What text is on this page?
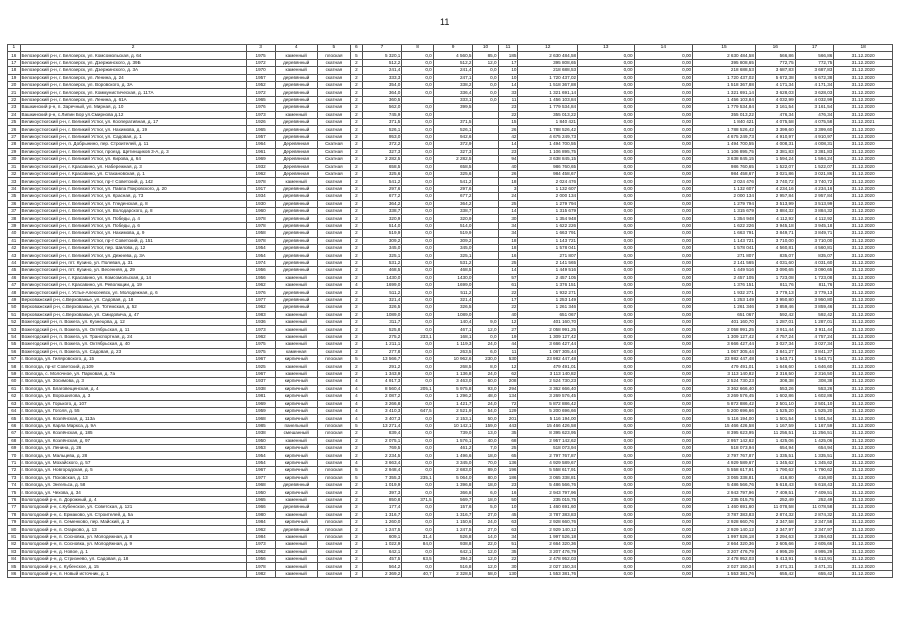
11
1	2	3	4	5	6	7	8	9	10	11	12	13	14	15	16	17	18
16	Белозерский р-н, г. Белозерск, ул. Комсомольская, д. 64	1975	каменный	плоская	5	5 320,1	0,0	4 560,5	85,0	185	2 630 484,58	0,00	0,00	2 630 484,58	566,86	566,86	31.12.2020
17	Белозерский р-н, г. Белозерск, ул. Дзержинского, д. 39Б	1972	деревянный	скатная	2	512,2	0,0	512,2	12,0	17	395 808,65	0,00	0,00	395 808,65	772,75	772,75	31.12.2020
18	Белозерский р-н, г. Белозерск, ул. Дзержинского, д. 3А	1970	каменный	скатная	2	241,4	0,0	241,4	0,0	10	218 688,53	0,00	0,00	218 688,53	3 687,83	3 687,83	31.12.2020
19	Белозерский р-н, г. Белозерск, ул. Ленина, д. 24	1957	деревянный	скатная	2	333,3	0,0	247,1	0,0	10	1 720 437,02	0,00	0,00	1 720 437,02	5 672,38	5 672,38	31.12.2020
20	Белозерский р-н, г. Белозерск, ул. Воровского, д. 3А	1952	деревянный	скатная	2	354,0	0,0	338,2	0,0	14	1 518 367,88	0,00	0,00	1 518 367,88	4 171,34	4 171,34	31.12.2020
21	Белозерский р-н, г. Белозерск, ул. Коммунистическая, д. 117А	1972	деревянный	скатная	2	364,0	0,0	336,4	0,0	33	1 321 691,14	0,00	0,00	1 321 691,14	3 628,03	3 628,03	31.12.2020
22	Белозерский р-н, г. Белозерск, ул. Ленина, д. 61А	1965	деревянный	скатная	2	360,5		333,1	0,0	11	1 456 103,84	0,00	0,00	1 456 103,84	4 032,99	4 032,99	31.12.2020
23	Вашкинский р-н, п. Заречный, ул. Мирная, д. 10	1976	деревянный	скатная	2	562,0	0,0	399,5		23	1 779 534,84	0,00	0,00	1 779 534,84	3 161,54	3 161,54	31.12.2020
24	Вашкинский р-н, с.Липин Бор ул.Смирнова д.12	1973	каменный	скатная	2	745,9	0,0			22	355 013,22	0,00	0,00	355 013,22	476,34	476,34	31.12.2020
25	Великоустюгский р-н, г. Великий Устюг, ул. Кооперативная, д. 17	1926	деревянный	скатная	2	371,5	0,0	371,5		15	1 840 421	0,00	0,00	1 840 421	4 075,58	4 075,58	31.12.2021
26	Великоустюгский р-н, г. Великий Устюг, ул. Нахимова, д. 19	1965	деревянный	скатная	2	526,1	0,0	526,1		26	1 788 526,42	0,00	0,00	1 788 526,42	3 399,60	3 399,60	31.12.2020
27	Великоустюгский р-н, г. Великий Устюг, ул. Садовая, д. 1	1957	деревянный	скатная	2	953,0	0,0	942,6		42	4 675 249,73	0,00	0,00	4 675 249,73	4 910,97	4 910,97	31.12.2020
28	Великоустюгский р-н, п. Добрынино, пер. Строителей, д. 11	1964	Деревянная	Скатная	2	372,2	0,0	372,9		14	1 494 700,55	0,00	0,00	1 494 700,55	4 008,31	4 008,31	31.12.2020
29	Великоустюгский р-н, г. Великий Устюг, проезд. Щетинщиков 3-А, д. 3	1961	Деревянная	Скатная	2	327,3	0,0	327,3		23	1 106 895,75	0,00	0,00	1 106 895,75	3 381,83	3 381,83	31.12.2020
30	Великоустюгский р-н, г. Великий Устюг, ул. Кирова, д. 64	1969	Деревянная	Скатная	2	2 282,5	0,0	2 282,5		94	3 638 845,15	0,00	0,00	3 638 845,15	1 594,24	1 594,24	31.12.2020
31	Великоустюгский р-н, г. Красавино, ул. Набережная, д. 3	1932	Деревянная	Скатная	2	658,5	0,0	658,5		40	986 760,65	0,00	0,00	986 760,65	1 522,07	1 522,07	31.12.2020
32	Великоустюгский р-н, г. Красавино, ул. Стахановская, д. 1	1962	Деревянная	Скатная	2	325,6	0,0	325,6		26	984 458,67	0,00	0,00	984 458,67	3 021,86	3 021,86	31.12.2020
33	Великоустюгский р-н, г. Великий Устюг, пр-т Советский, д. 142	1978	каменный	скатная	2	541,2	0,0	541,2		18	2 024 476	0,00	0,00	2 024 476	3 740,72	3 740,72	31.12.2020
34	Великоустюгский р-н, г. Великий Устюг, ул. Павла Покровского, д. 20	1917	деревянный	скатная	2	297,6	0,0	297,6		3	1 132 607	0,00	0,00	1 132 607	4 234,16	4 234,16	31.12.2020
35	Великоустюгский р-н, г. Великий Устюг, ул. Красная, д. 73	1934	деревянный	скатная	2	677,2	0,0	677,2		24	2 000 134	0,00	0,00	2 000 134	2 957,84	2 957,84	31.12.2020
36	Великоустюгский р-н, г. Великий Устюг, ул. Гледенская, д. 8	1930	деревянный	скатная	2	364,2	0,0	364,2		25	1 279 794	0,00	0,00	1 279 794	3 513,99	3 513,99	31.12.2020
37	Великоустюгский р-н, г. Великий Устюг, ул. Володарского, д. 8	1960	деревянный	скатная	2	338,7	0,0	338,7		14	1 315 679	0,00	0,00	1 315 679	3 884,32	3 884,32	31.12.2020
38	Великоустюгский р-н, г. Великий Устюг, ул. Победы, д. 4	1978	деревянный	скатная	2	320,9	0,0	320,9		30	1 354 948	0,00	0,00	1 354 948	4 112,92	4 112,92	31.12.2020
39	Великоустюгский р-н, г. Великий Устюг, ул. Победы, д. 6	1978	деревянный	скатная	2	514,0	0,0	514,0		34	1 622 226	0,00	0,00	1 622 226	3 945,18	3 945,18	31.12.2020
40	Великоустюгский р-н, г. Великий Устюг, ул. Нахимова, д. 9	1958	деревянный	скатная	2	519,9	0,0	519,9		34	1 663 791	0,00	0,00	1 663 791	3 849,71	3 849,71	31.12.2020
41	Великоустюгский р-н, г. Великий Устюг, пр-т Советский, д. 151	1978	деревянный	скатная	2	309,2	0,0	309,2		18	1 143 721	0,00	0,00	1 143 721	3 710,00	3 710,00	31.12.2020
42	Великоустюгский р-н, г. Великий Устюг, пер. Шилова, д. 12	1954	деревянный	скатная	2	345,0	0,0	345,0		18	1 578 041	0,00	0,00	1 578 041	4 560,81	4 560,81	31.12.2020
43	Великоустюгский р-н, г. Великий Устюг, ул. Дежнева, д. 3А	1954	деревянный	скатная	2	325,1	0,0	325,1		16	271 807	0,00	0,00	271 807	835,07	835,07	31.12.2020
44	Великоустюгский р-н, пгт. Кузино, ул. Полевая, д. 31	1974	деревянный	скатная	2	531,2	0,0	531,2		25	2 141 565	0,00	0,00	2 141 565	4 031,60	4 031,60	31.12.2020
45	Великоустюгский р-н, пгт. Кузино, ул. Весенняя, д. 29	1956	деревянный	скатная	2	468,5	0,0	468,5		14	1 449 516	0,00	0,00	1 449 516	3 090,65	3 090,65	31.12.2020
46	Великоустюгский р-н, г. Красавино, ул. Комсомольская, д. 14	1956	каменный	скатная	2	1430,0	0,0	1430,0		57	2 457 105	0,00	0,00	2 457 105	1 723,08	1 723,08	31.12.2020
47	Великоустюгский р-н, г. Красавино, ул. Революции, д. 19	1962	каменный	скатная	4	1699,0	0,0	1699,0		61	1 376 151	0,00	0,00	1 376 151	811,76	811,76	31.12.2020
48	Великоустюгский р-н, г. Устье-Алексеевск, ул. Молодежная, д. 6	1976	деревянный	скатная	2	511,2	0,0	511,2		22	1 932 271	0,00	0,00	1 932 271	3 779,13	3 779,13	31.12.2020
49	Верховажский р-н, с.Верховажье, ул. Садовая, д. 18	1977	деревянный	скатная	2	321,4	0,0	321,4		17	1 253 149	0,00	0,00	1 253 149	3 950,80	3 950,80	31.12.2020
50	Верховажский р-н, с.Верховажье, ул. Тотемская, д. 52	1962	деревянный	скатная	2	326,5	0,0	326,5		22	1 261 346	0,00	0,00	1 261 346	3 859,46	3 859,46	31.12.2020
51	Верховажский р-н, с.Верховажье, ул. Смидовича, д. 47	1983	каменный	скатная	2	1089,0	0,0	1089,0		40	651 067	0,00	0,00	651 067	592,42	592,42	31.12.2020
52	Вожегодский р-н, п. Вожега, ул. Кузнецова, д. 12	1936	каменный	скатная	2	311,7	0,0	140,4	9,0	12	401 160,70	0,00	0,00	401 160,70	1 287,01	1 287,01	31.12.2020
53	Вожегодский р-н, п. Вожега, ул. Октябрьская, д. 11	1973	каменный	скатная	2	525,8	0,0	467,1	12,0	27	2 058 991,25	0,00	0,00	2 058 991,25	3 911,44	3 911,44	31.12.2020
54	Вожегодский р-н, п. Вожега, ул. Транспортная, д. 24	1962	каменный	скатная	2	275,2	233,1	168,1	0,0	19	1 309 127,42	0,00	0,00	1 309 127,42	4 757,24	4 757,24	31.12.2020
55	Вожегодский р-н, п. Вожега, ул. Октябрьская, д. 40	1975	каменный	скатная	2	1 211,1	0,0	1 119,3	24,0	44	3 666 427,44	0,00	0,00	3 666 427,44	3 027,34	3 027,34	31.12.2020
56	Вожегодский р-н, п. Вожега, ул. Садовая, д. 23	1975	каменная	скатная	2	277,8	0,0	263,5	6,0	11	1 067 305,44	0,00	0,00	1 067 305,44	3 841,27	3 841,27	31.12.2020
57	г. Вологда, ул. Гиляровского, д. 15	1967	кирпичный	плоская	5	13 566,7	0,0	10 962,6	230,0	530	23 982 447,48	0,00	0,00	23 982 447,48	1 543,71	1 543,71	31.12.2020
58	г. Вологда, пр-кт Советский, д.109	1925	каменный	скатная	2	291,2	0,0	268,5	8,0	12	479 491,01	0,00	0,00	479 491,01	1 646,60	1 646,60	31.12.2020
59	г. Вологда, с. Молочное, ул. Парковая, д. 7а	1967	каменный	скатная	2	1 343,9	0,0	1 136,8	24,0	62	3 113 140,82	0,00	0,00	3 113 140,82	2 316,50	2 316,50	31.12.2020
60	г. Вологда, ул. Зосимова, д. 3	1937	кирпичный	скатная	4	4 917,3	0,0	3 463,0	60,0	208	2 524 730,23	0,00	0,00	2 524 730,23	308,38	308,38	31.12.2020
61	г. Вологда, ул. Благовещенская, д. 4	1938	кирпичный	скатная	4	8 560,4	205,1	5 975,8	93,0	294	3 362 666,40	0,00	0,00	3 362 666,40	553,26	553,26	31.12.2020
62	г. Вологда, ул. Ворошилова, д. 3	1981	кирпичный	скатная	4	2 087,2	0,0	1 296,2	48,0	134	3 269 576,45	0,00	0,00	3 269 576,45	1 602,86	1 602,86	31.12.2020
63	г. Вологда, ул. Горького, д. 107	1969	кирпичный	скатная	4	3 266,8	0,0	1 421,7	24,0	72	5 872 886,42	0,00	0,00	5 872 886,42	2 501,10	2 501,10	31.12.2020
64	г. Вологда, ул. Гоголя, д. 55	1959	кирпичный	скатная	4	3 410,3	647,5	2 521,9	54,0	129	5 200 696,66	0,00	0,00	5 200 696,66	1 525,20	1 525,20	31.12.2020
65	г. Вологда, ул. Козлёнская, д. 113а	1968	кирпичный	скатная	4	3 407,3	0,0	2 153,1	50,0	201	5 116 194,00	0,00	0,00	5 116 194,00	1 501,54	1 501,54	31.12.2020
66	г. Вологда, ул. Карла Маркса, д. 9А	1985	панельный	плоская	5	13 271,4	0,0	10 142,1	159,0	443	15 466 426,58	0,00	0,00	15 466 426,58	1 167,59	1 167,59	31.12.2020
67	г. Вологда, ул. Козлёнская, д. 185	1938	смешанный	плоская	2	839,4	0,0	739,0	13,0	35	8 395 623,95	0,00	0,00	8 395 623,95	11 256,51	11 256,51	31.12.2020
68	г. Вологда, ул. Козлёнская, д. 97	1950	каменный	скатная	2	2 075,1	0,0	1 576,1	40,0	68	2 957 142,62	0,00	0,00	2 957 142,62	1 425,06	1 425,06	31.12.2020
69	г. Вологда, ул. Ленина, д. 26	1953	кирпичный	скатная	2	769,5	0,0	461,2	7,0	25	518 073,94	0,00	0,00	518 073,94	654,94	654,94	31.12.2020
70	г. Вологда, ул. Мальцева, д. 28	1954	кирпичный	скатная	2	2 234,5	0,0	1 496,6	18,0	65	2 797 767,87	0,00	0,00	2 797 767,87	1 335,51	1 335,51	31.12.2020
71	г. Вологда, ул. Мохайского, д. 57	1954	кирпичный	скатная	4	3 663,4	0,0	3 345,0	70,0	136	4 929 589,67	0,00	0,00	4 929 589,67	1 345,62	1 345,62	31.12.2020
72	г. Вологда, ул. Новгородская, д. 5	1967	кирпичный	плоская	5	2 948,4	0,0	2 683,0	89,0	196	5 558 617,91	0,00	0,00	5 558 617,91	1 790,62	1 790,62	31.12.2020
73	г. Вологда, ул. Псковская, д. 13	1977	кирпичный	плоская	5	7 355,3	235,1	5 064,0	80,0	186	3 065 338,81	0,00	0,00	3 065 338,81	416,80	416,80	31.12.2020
74	г. Вологда, ул. Энгельса, д. 58	1968	деревянный	скатная	2	1 019,9	0,0	1 396,8	18,0	23	5 486 566,76	0,00	0,00	5 486 566,76	5 618,43	5 618,43	31.12.2020
75	г. Вологда, ул. Чехова, д. 34	1950	кирпичный	скатная	2	397,3	0,0	366,8	6,0	16	2 943 797,96	0,00	0,00	2 943 797,96	7 409,51	7 409,51	31.12.2020
76	Вологодский р-н, п. Дорожный, д. 4	1965	каменный	скатная	2	850,8	371,5	569,7	18,0	50	235 015,75	0,00	0,00	235 015,75	252,49	252,49	31.12.2020
77	Вологодский р-н, с.Кубенское, ул. Советская, д. 121	1966	деревянный	скатная	2	177,4	0,0	157,6	5,0	10	1 460 691,60	0,00	0,00	1 460 691,60	11 078,58	11 078,58	31.12.2020
78	Вологодский р-н, с. Ермаково, ул. Строителей, д. 5а	1980	каменный	скатная	2	1 316,7	0,0	1 316,7	27,0	45	3 787 383,83	0,00	0,00	3 787 383,83	2 874,32	2 874,32	31.12.2020
79	Вологодский р-н, п. Семенково, пер. Майский, д. 3	1984	кирпичный	плоская	2	1 260,0	0,0	1 150,6	24,0	63	2 928 660,76	0,00	0,00	2 928 660,76	2 347,58	2 347,58	31.12.2020
80	Вологодский р-н, п. Огарково, д. 13	1962	деревянный	плоская	2	1 247,5	0,0	1 247,5	27,0	63	2 929 140,12	0,00	0,00	2 929 140,12	2 347,97	2 347,97	31.12.2020
81	Вологодский р-н, п. Сосновка, ул. Молодежная, д. 8	1984	каменный	плоская	2	609,1	31,4	526,8	14,0	34	1 997 526,18	0,00	0,00	1 997 526,18	3 294,63	3 294,63	31.12.2020
82	Вологодский р-н, п. Сосновка, ул. Молодёжная, д. 9	1973	каменный	скатная	2	1 022,9	84,0	938,8	22,0	51	2 664 320,36	0,00	0,00	2 664 320,36	2 605,66	2 605,66	31.12.2020
83	Вологодский р-н, д. Новое, д. 1	1962	каменный	скатная	2	642,1	0,0	642,1	12,0	35	3 207 476,79	0,00	0,00	3 207 476,79	4 995,29	4 995,29	31.12.2020
84	Вологодский р-н, д. Стризнево, ул. Садовая, д. 18	1956	каменный	скатная	2	457,5	63,5	394,3	12,0	22	2 478 952,03	0,00	0,00	2 478 952,03	5 413,91	5 413,91	31.12.2020
85	Вологодский р-н, с. Кубенское, д. 15	1978	каменный	скатная	2	564,2	0,0	516,8	12,0	30	2 027 150,34	0,00	0,00	2 027 150,34	3 471,31	3 471,31	31.12.2020
86	Вологодский р-н, п. Новый источник, д. 1	1982	каменный	скатная	2	2 369,2	40,7	2 328,5	58,0	130	1 553 381,76	0,00	0,00	1 553 381,76	655,42	655,42	31.12.2020
